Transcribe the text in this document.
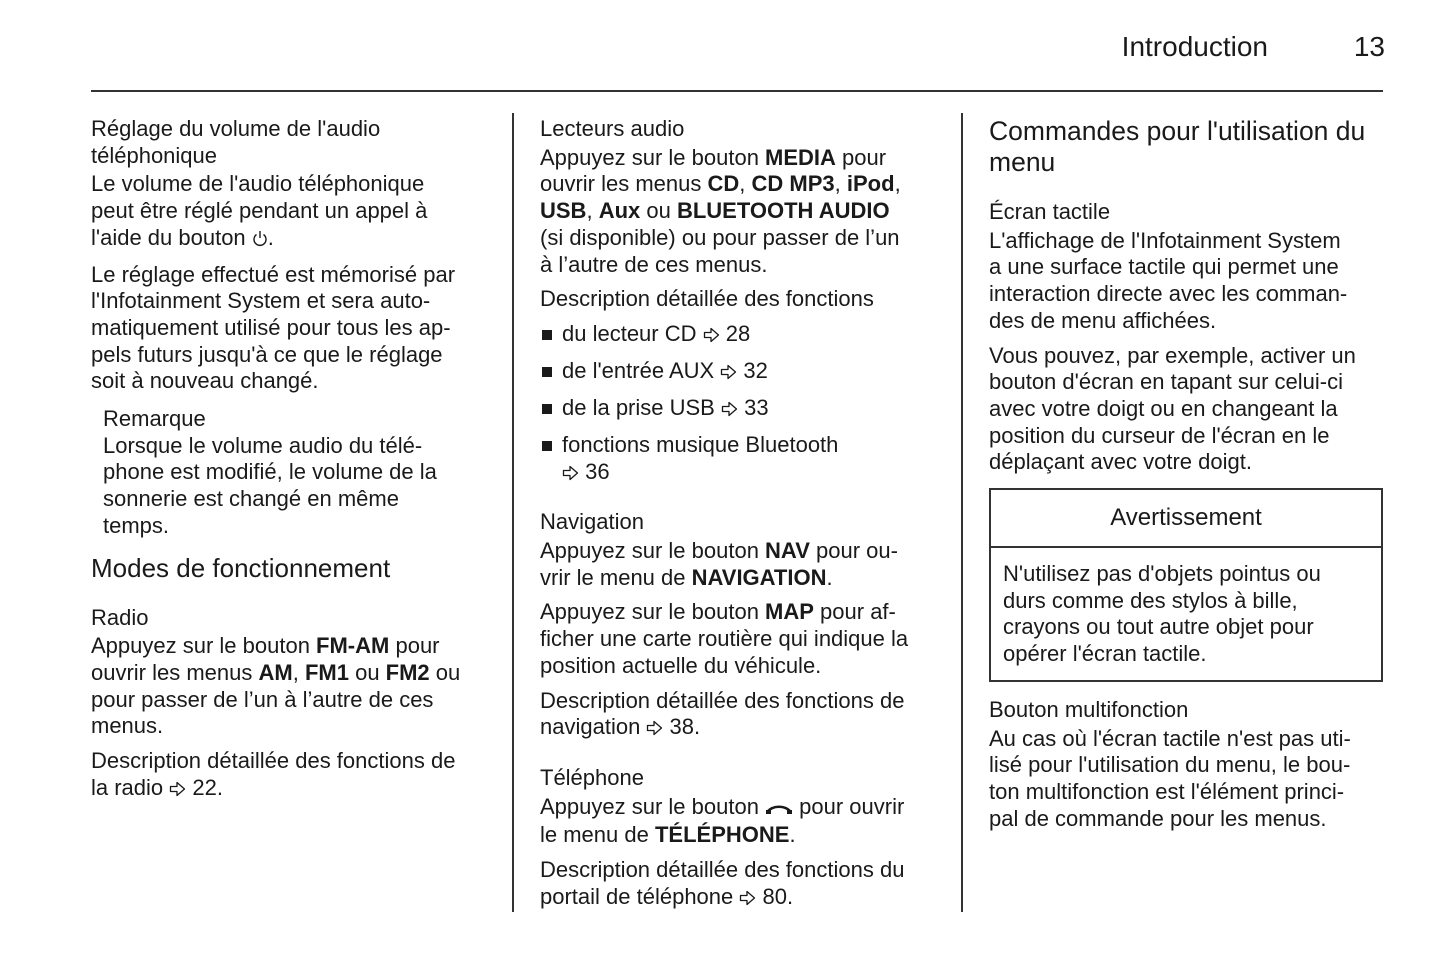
Introduction	13
Réglage du volume de l'audio
téléphonique
Le volume de l'audio téléphonique
peut être réglé pendant un appel à
l'aide du bouton .
Le réglage effectué est mémorisé par
l'Infotainment System et sera auto-
matiquement utilisé pour tous les ap-
pels futurs jusqu'à ce que le réglage
soit à nouveau changé.
Remarque
Lorsque le volume audio du télé-
phone est modifié, le volume de la
sonnerie est changé en même
temps.
Modes de fonctionnement
Radio
Appuyez sur le bouton FM-AM pour
ouvrir les menus AM, FM1 ou FM2 ou
pour passer de l’un à l’autre de ces
menus.
Description détaillée des fonctions de
la radio  22.
Lecteurs audio
Appuyez sur le bouton MEDIA pour
ouvrir les menus CD, CD MP3, iPod,
USB, Aux ou BLUETOOTH AUDIO
(si disponible) ou pour passer de l’un
à l’autre de ces menus.
Description détaillée des fonctions
du lecteur CD  28
de l'entrée AUX  32
de la prise USB  33
fonctions musique Bluetooth
36
Navigation
Appuyez sur le bouton NAV pour ou-
vrir le menu de NAVIGATION.
Appuyez sur le bouton MAP pour af-
ficher une carte routière qui indique la
position actuelle du véhicule.
Description détaillée des fonctions de
navigation  38.
Téléphone
Appuyez sur le bouton  pour ouvrir
le menu de TÉLÉPHONE.
Description détaillée des fonctions du
portail de téléphone  80.
Commandes pour l'utilisation du
menu
Écran tactile
L'affichage de l'Infotainment System
a une surface tactile qui permet une
interaction directe avec les comman-
des de menu affichées.
Vous pouvez, par exemple, activer un
bouton d'écran en tapant sur celui-ci
avec votre doigt ou en changeant la
position du curseur de l'écran en le
déplaçant avec votre doigt.
Avertissement
N'utilisez pas d'objets pointus ou
durs comme des stylos à bille,
crayons ou tout autre objet pour
opérer l'écran tactile.
Bouton multifonction
Au cas où l'écran tactile n'est pas uti-
lisé pour l'utilisation du menu, le bou-
ton multifonction est l'élément princi-
pal de commande pour les menus.
